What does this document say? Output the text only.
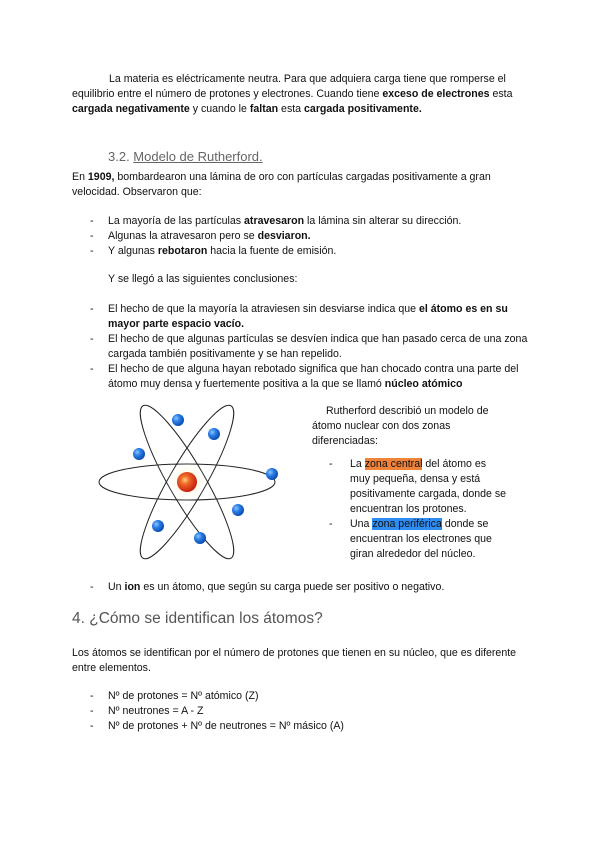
La materia es eléctricamente neutra. Para que adquiera carga tiene que romperse el equilibrio entre el número de protones y electrones. Cuando tiene exceso de electrones esta cargada negativamente y cuando le faltan esta cargada positivamente.

3.2. Modelo de Rutherford.

En 1909, bombardearon una lámina de oro con partículas cargadas positivamente a gran velocidad. Observaron que:

- La mayoría de las partículas atravesaron la lámina sin alterar su dirección.
- Algunas la atravesaron pero se desviaron.
- Y algunas rebotaron hacia la fuente de emisión.

Y se llegó a las siguientes conclusiones:

- El hecho de que la mayoría la atraviesen sin desviarse indica que el átomo es en su mayor parte espacio vacío.
- El hecho de que algunas partículas se desvíen indica que han pasado cerca de una zona cargada también positivamente y se han repelido.
- El hecho de que alguna hayan rebotado significa que han chocado contra una parte del átomo muy densa y fuertemente positiva a la que se llamó núcleo atómico

Rutherford describió un modelo de átomo nuclear con dos zonas diferenciadas:

- La zona central del átomo es muy pequeña, densa y está positivamente cargada, donde se encuentran los protones.

- Una zona periférica donde se encuentran los electrones que giran alrededor del núcleo.

- Un ion es un átomo, que según su carga puede ser positivo o negativo.
4. ¿Cómo se identifican los átomos?

Los átomos se identifican por el número de protones que tienen en su núcleo, que es diferente entre elementos.

- Nº de protones = Nº atómico (Z)
- Nº neutrones = A - Z
- Nº de protones + Nº de neutrones = Nº másico (A)
